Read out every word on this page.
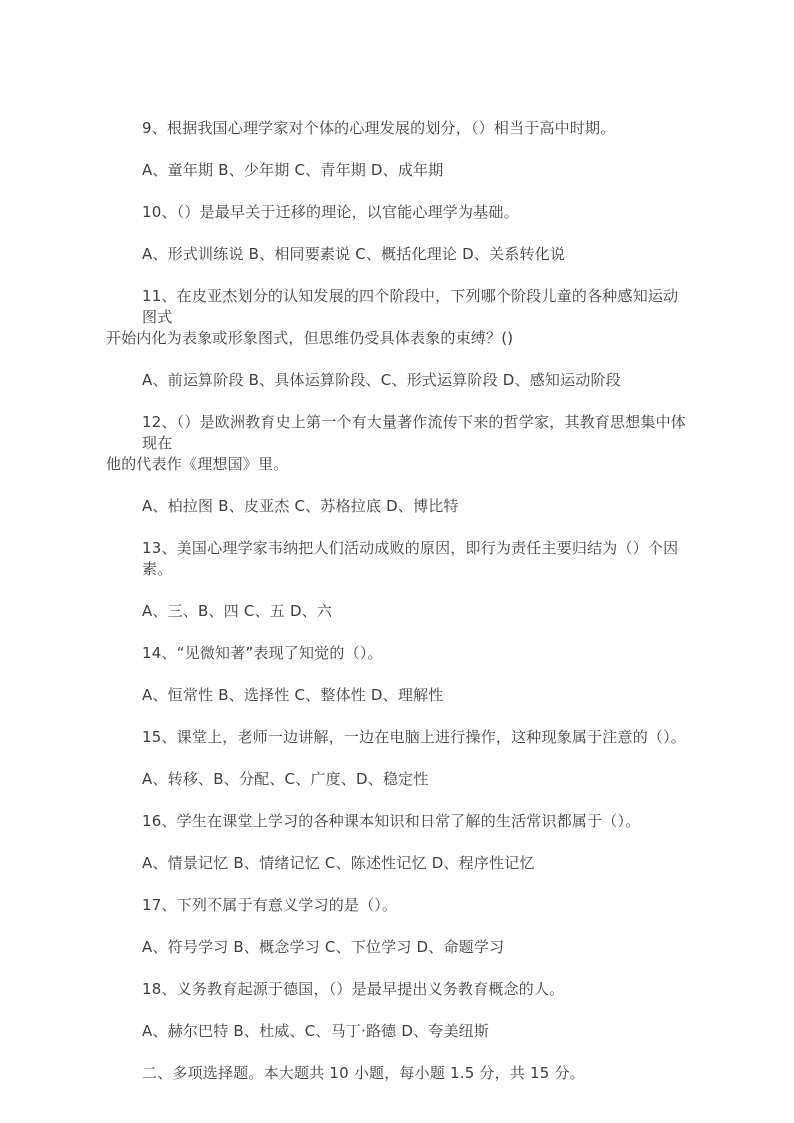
9、根据我国心理学家对个体的心理发展的划分，（）相当于高中时期。
A、童年期 B、少年期 C、青年期 D、成年期
10、（）是最早关于迁移的理论，以官能心理学为基础。
A、形式训练说 B、相同要素说 C、概括化理论 D、关系转化说
11、在皮亚杰划分的认知发展的四个阶段中，下列哪个阶段儿童的各种感知运动图式
开始内化为表象或形象图式，但思维仍受具体表象的束缚？()
A、前运算阶段 B、具体运算阶段、C、形式运算阶段 D、感知运动阶段
12、（）是欧洲教育史上第一个有大量著作流传下来的哲学家，其教育思想集中体现在
他的代表作《理想国》里。
A、柏拉图 B、皮亚杰 C、苏格拉底 D、博比特
13、美国心理学家韦纳把人们活动成败的原因，即行为责任主要归结为（）个因素。
A、三、B、四 C、五 D、六
14、“见微知著”表现了知觉的（）。
A、恒常性 B、选择性 C、整体性 D、理解性
15、课堂上，老师一边讲解，一边在电脑上进行操作，这种现象属于注意的（）。
A、转移、B、分配、C、广度、D、稳定性
16、学生在课堂上学习的各种课本知识和日常了解的生活常识都属于（）。
A、情景记忆 B、情绪记忆 C、陈述性记忆 D、程序性记忆
17、下列不属于有意义学习的是（）。
A、符号学习 B、概念学习 C、下位学习 D、命题学习
18、义务教育起源于德国，（）是最早提出义务教育概念的人。
A、赫尔巴特 B、杜威、C、马丁·路德 D、夸美纽斯
二、多项选择题。本大题共 10 小题，每小题 1.5 分，共 15 分。
